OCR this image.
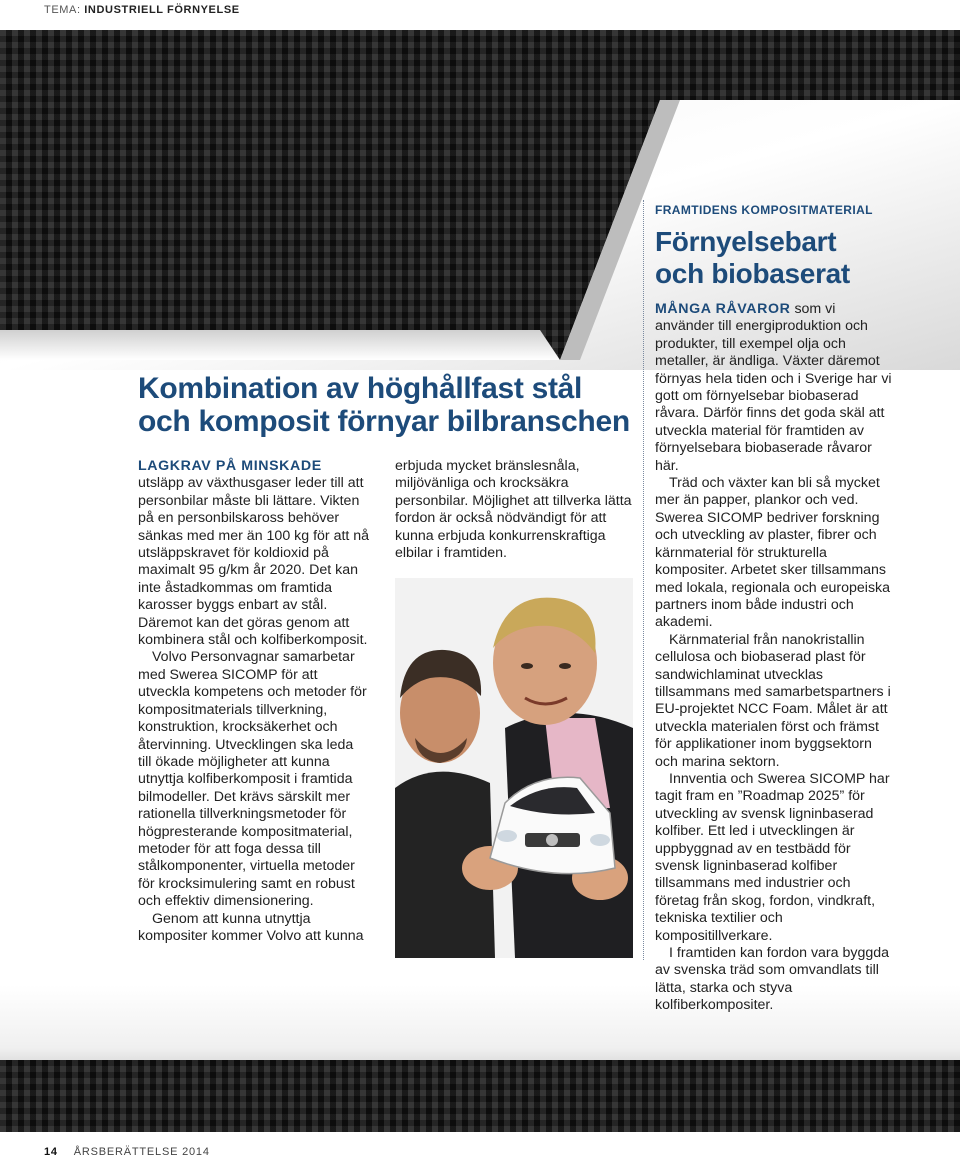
TEMA: INDUSTRIELL FÖRNYELSE
Kombination av höghållfast stål
och komposit förnyar bilbranschen

LAGKRAV PÅ MINSKADE utsläpp av växthusgaser leder till att personbilar måste bli lättare. Vikten på en personbilskaross behöver sänkas med mer än 100 kg för att nå utsläppskravet för koldioxid på maximalt 95 g/km år 2020. Det kan inte åstadkommas om framtida karosser byggs enbart av stål. Däremot kan det göras genom att kombinera stål och kolfiberkomposit.

Volvo Personvagnar samarbetar med Swerea SICOMP för att utveckla kompetens och metoder för kompositmaterials tillverkning, konstruktion, krocksäkerhet och återvinning. Utvecklingen ska leda till ökade möjligheter att kunna utnyttja kolfiberkomposit i framtida bilmodeller. Det krävs särskilt mer rationella tillverkningsmetoder för högpresterande kompositmaterial, metoder för att foga dessa till stålkomponenter, virtuella metoder för krocksimulering samt en robust och effektiv dimensionering.

Genom att kunna utnyttja kompositer kommer Volvo att kunna

erbjuda mycket bränslesnåla, miljövänliga och krocksäkra personbilar. Möjlighet att tillverka lätta fordon är också nödvändigt för att kunna erbjuda konkurrenskraftiga elbilar i framtiden.

FRAMTIDENS KOMPOSITMATERIAL
Förnyelsebart
och biobaserat

MÅNGA RÅVAROR som vi använder till energiproduktion och produkter, till exempel olja och metaller, är ändliga. Växter däremot förnyas hela tiden och i Sverige har vi gott om förnyelsebar biobaserad råvara. Därför finns det goda skäl att utveckla material för framtiden av förnyelsebara biobaserade råvaror här.

Träd och växter kan bli så mycket mer än papper, plankor och ved. Swerea SICOMP bedriver forskning och utveckling av plaster, fibrer och kärnmaterial för strukturella kompositer. Arbetet sker tillsammans med lokala, regionala och europeiska partners inom både industri och akademi.

Kärnmaterial från nanokristallin cellulosa och biobaserad plast för sandwichlaminat utvecklas tillsammans med samarbetspartners i EU-projektet NCC Foam. Målet är att utveckla materialen först och främst för applikationer inom byggsektorn och marina sektorn.

Innventia och Swerea SICOMP har tagit fram en ”Roadmap 2025” för utveckling av svensk ligninbaserad kolfiber. Ett led i utvecklingen är uppbyggnad av en testbädd för svensk ligninbaserad kolfiber tillsammans med industrier och företag från skog, fordon, vindkraft, tekniska textilier och kompositillverkare.

I framtiden kan fordon vara byggda av svenska träd som omvandlats till lätta, starka och styva kolfiberkompositer.

14 ÅRSBERÄTTELSE 2014
